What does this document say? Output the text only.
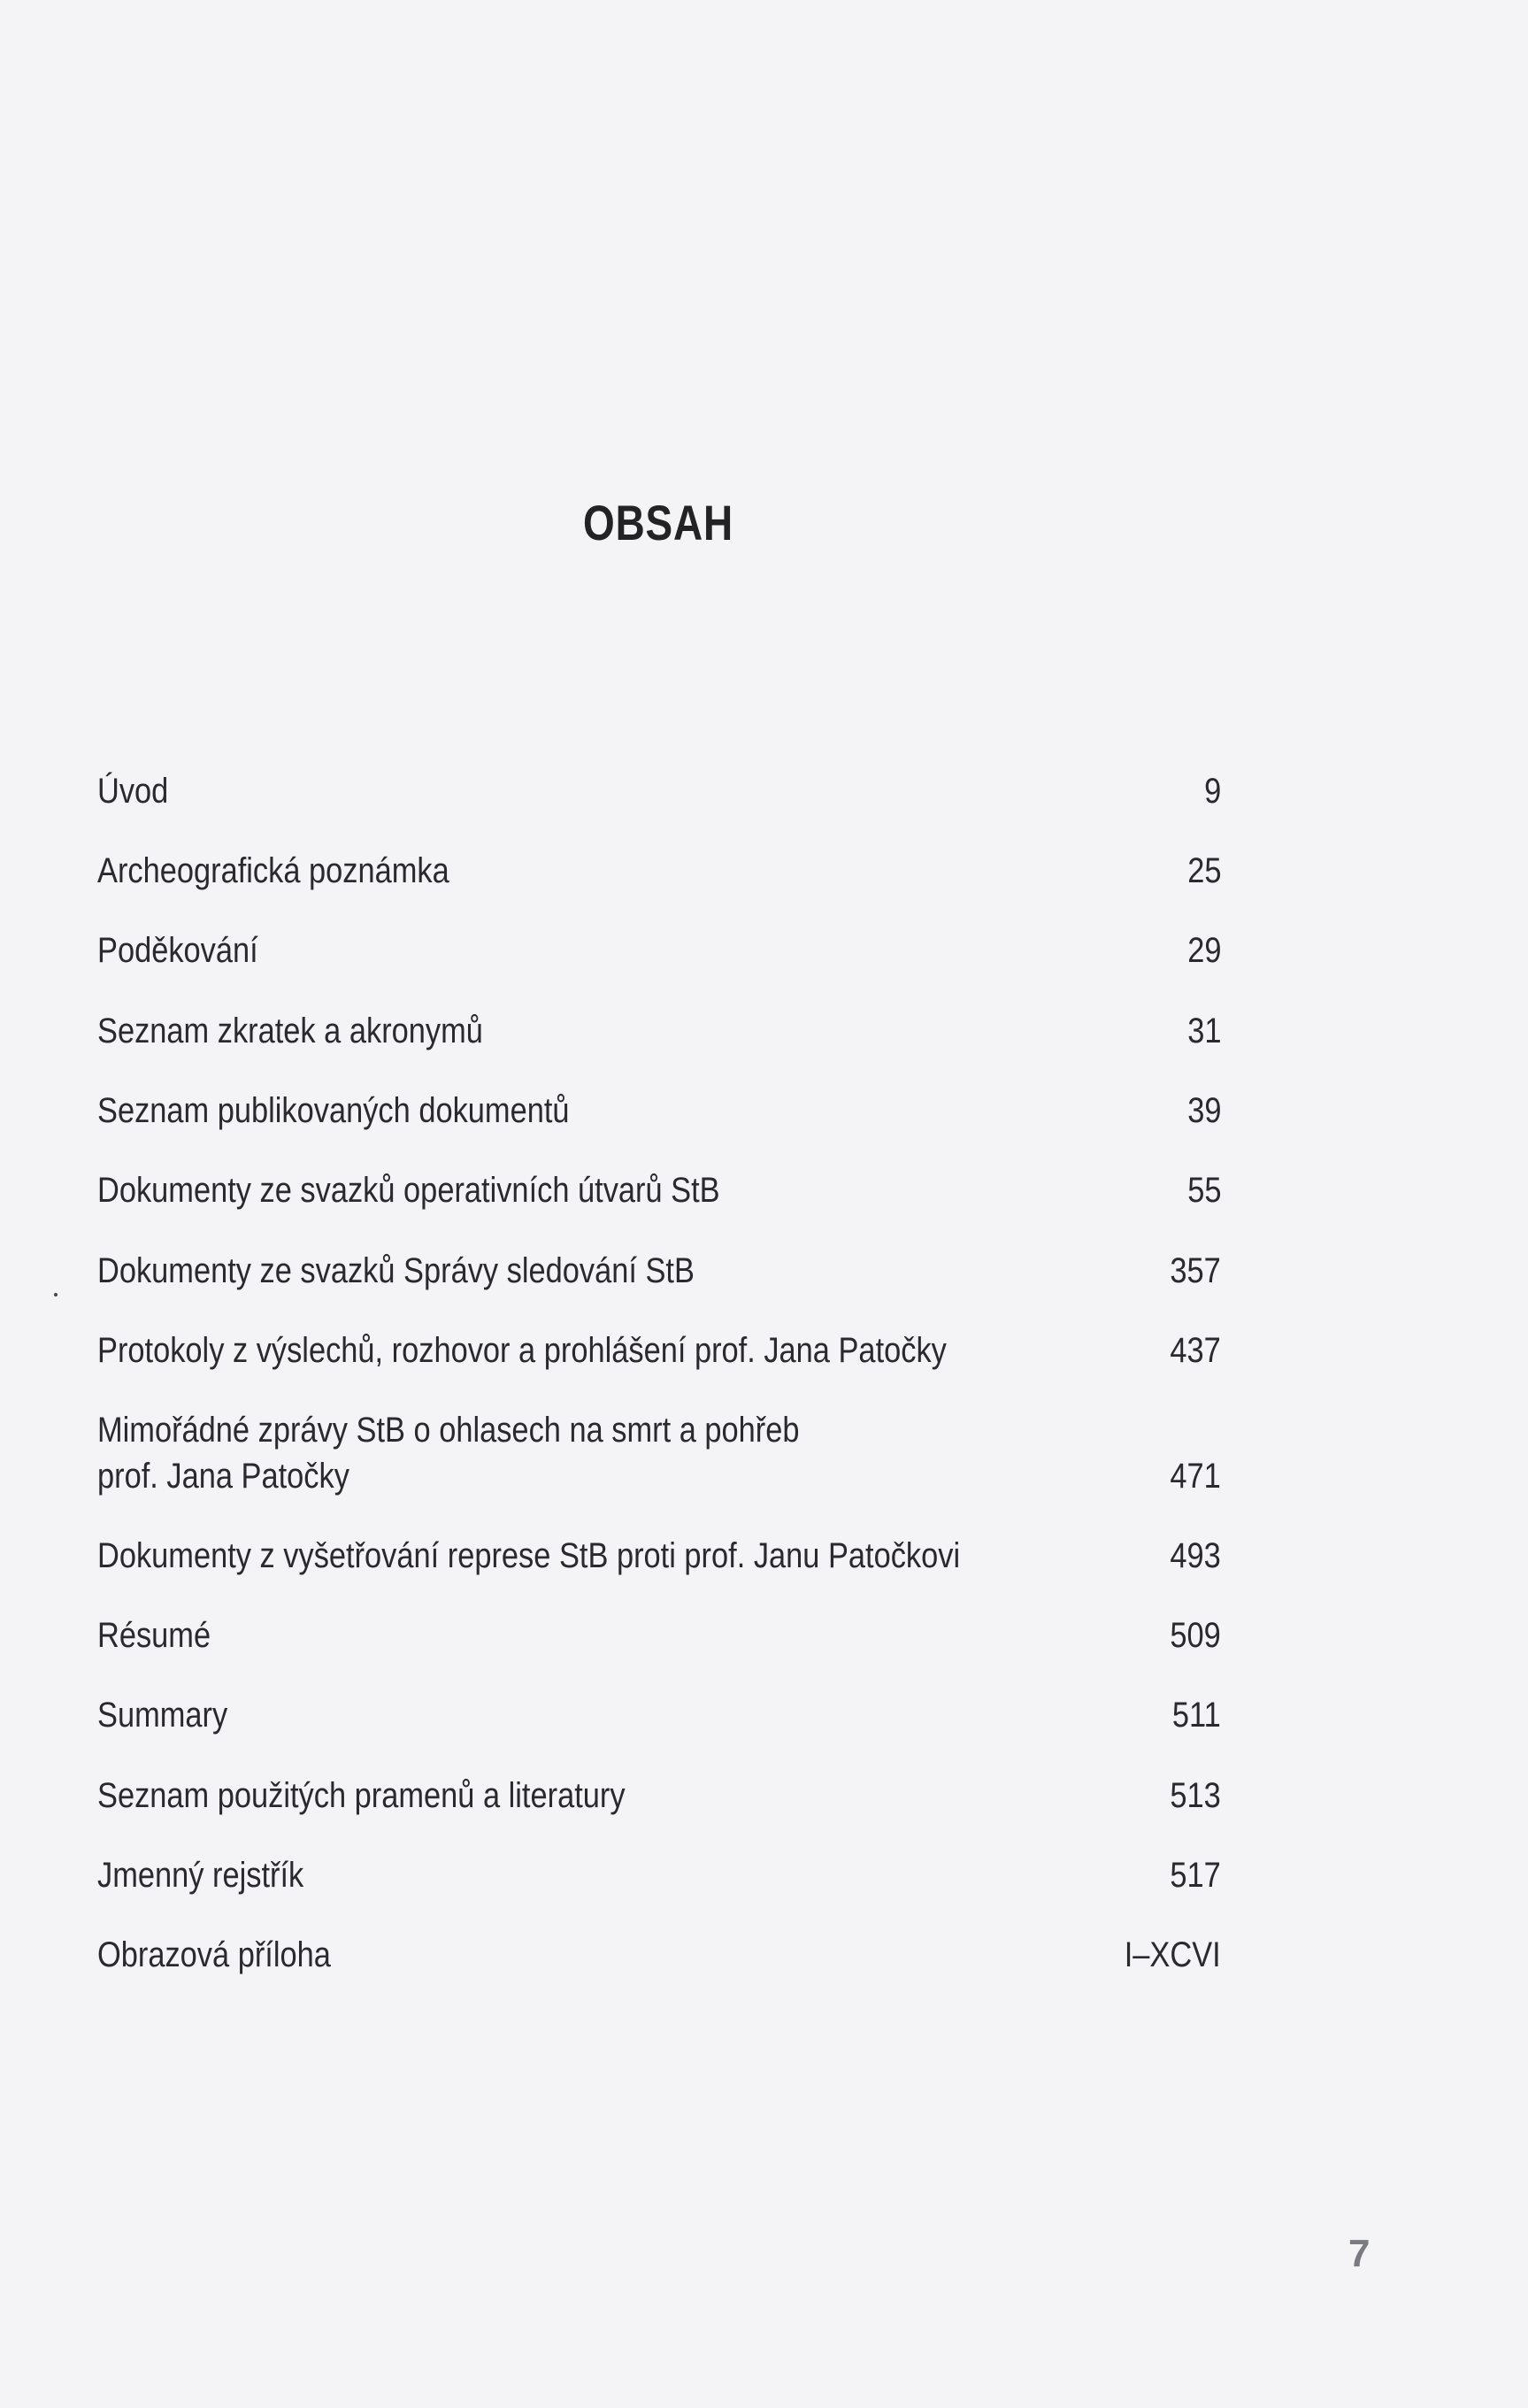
OBSAH
Úvod	9
Archeografická poznámka	25
Poděkování	29
Seznam zkratek a akronymů	31
Seznam publikovaných dokumentů	39
Dokumenty ze svazků operativních útvarů StB	55
Dokumenty ze svazků Správy sledování StB	357
Protokoly z výslechů, rozhovor a prohlášení prof. Jana Patočky	437
Mimořádné zprávy StB o ohlasech na smrt a pohřeb
prof. Jana Patočky	471
Dokumenty z vyšetřování represe StB proti prof. Janu Patočkovi	493
Résumé	509
Summary	511
Seznam použitých pramenů a literatury	513
Jmenný rejstřík	517
Obrazová příloha	I–XCVI
7
